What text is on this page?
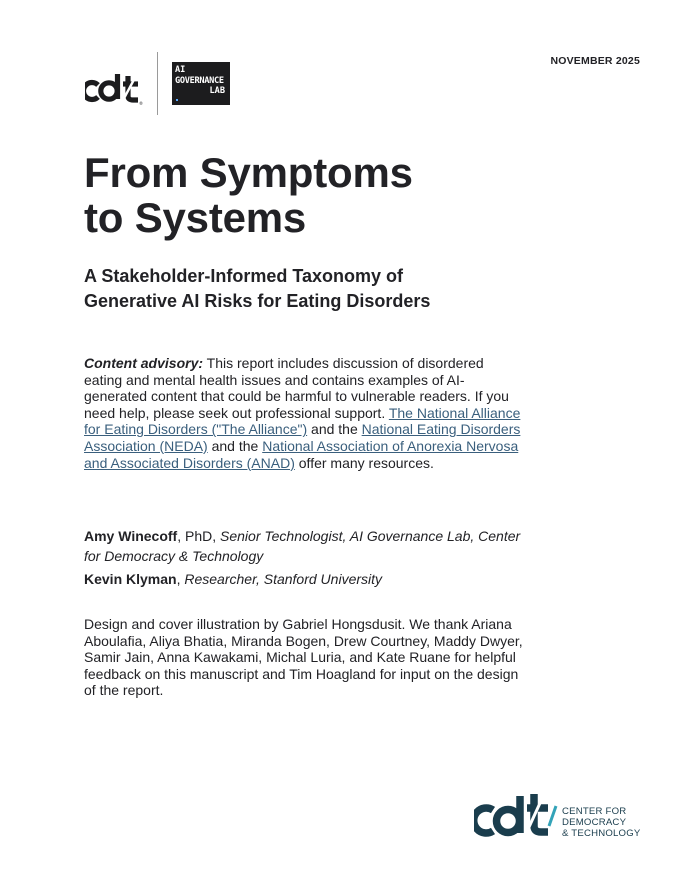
NOVEMBER 2025
®
AI
GOVERNANCE
LAB
From Symptoms
to Systems
A Stakeholder-Informed Taxonomy of
Generative AI Risks for Eating Disorders
Content advisory: This report includes discussion of disordered eating and mental health issues and contains examples of AI-generated content that could be harmful to vulnerable readers. If you need help, please seek out professional support. The National Alliance for Eating Disorders ("The Alliance") and the National Eating Disorders Association (NEDA) and the National Association of Anorexia Nervosa and Associated Disorders (ANAD) offer many resources.

Amy Winecoff, PhD, Senior Technologist, AI Governance Lab, Center for Democracy & Technology

Kevin Klyman, Researcher, Stanford University

Design and cover illustration by Gabriel Hongsdusit. We thank Ariana Aboulafia, Aliya Bhatia, Miranda Bogen, Drew Courtney, Maddy Dwyer, Samir Jain, Anna Kawakami, Michal Luria, and Kate Ruane for helpful feedback on this manuscript and Tim Hoagland for input on the design of the report.
CENTER FOR
DEMOCRACY
& TECHNOLOGY
